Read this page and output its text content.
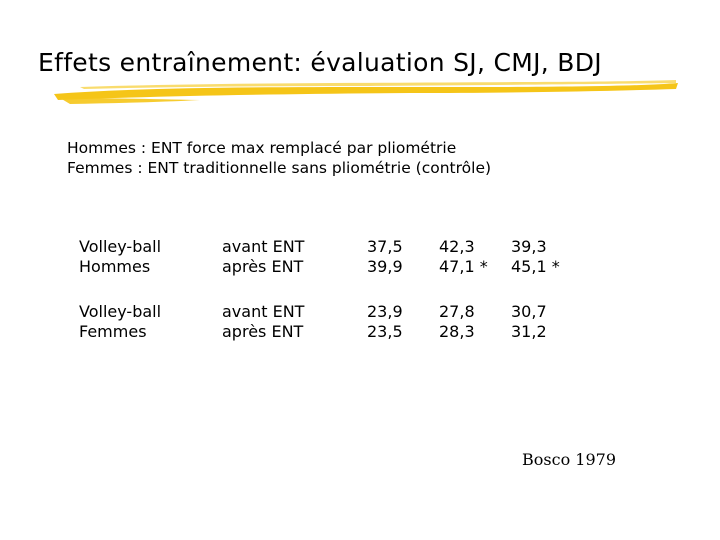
Effets entraînement: évaluation SJ, CMJ, BDJ
Hommes : ENT force max remplacé par pliométrie
Femmes : ENT traditionnelle sans pliométrie (contrôle)
Volley-ball
Hommes
avant ENT
après ENT
37,5
39,9
42,3
47,1 *
39,3
45,1 *
Volley-ball
Femmes
avant ENT
après ENT
23,9
23,5
27,8
28,3
30,7
31,2
Bosco 1979
